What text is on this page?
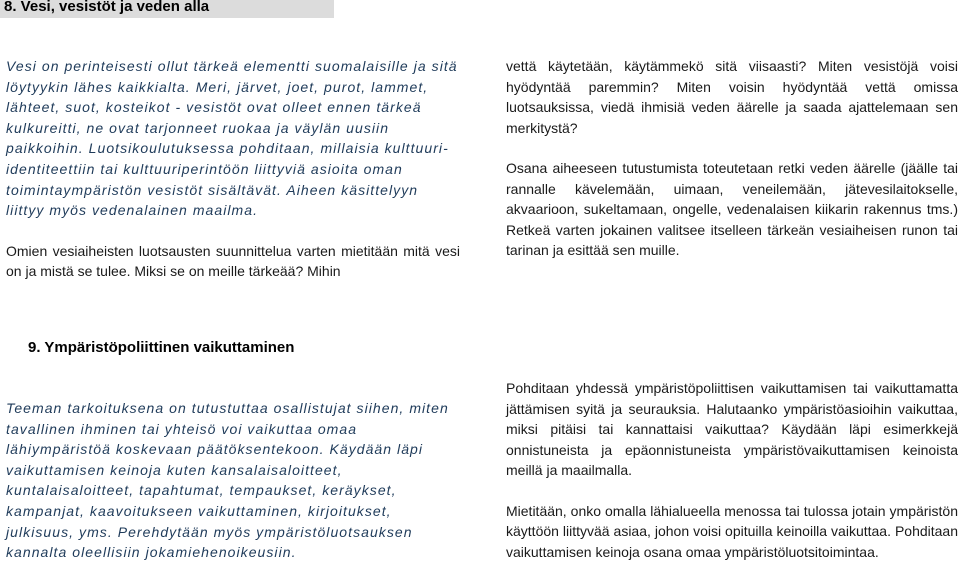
8. Vesi, vesistöt ja veden alla

Vesi on perinteisesti ollut tärkeä elementti suomalaisille ja sitä löytyykin lähes kaikkialta. Meri, järvet, joet, purot, lammet, lähteet, suot, kosteikot - vesistöt ovat olleet ennen tärkeä kulkureitti, ne ovat tarjonneet ruokaa ja väylän uusiin paikkoihin. Luotsikoulutuksessa pohditaan, millaisia kulttuuri-identiteettiin tai kulttuuriperintöön liittyviä asioita oman toimintaympäristön vesistöt sisältävät. Aiheen käsittelyyn liittyy myös vedenalainen maailma.

Omien vesiaiheisten luotsausten suunnittelua varten mietitään mitä vesi on ja mistä se tulee. Miksi se on meille tärkeää? Mihin

vettä käytetään, käytämmekö sitä viisaasti? Miten vesistöjä voisi hyödyntää paremmin? Miten voisin hyödyntää vettä omissa luotsauksissa, viedä ihmisiä veden äärelle ja saada ajattelemaan sen merkitystä?

Osana aiheeseen tutustumista toteutetaan retki veden äärelle (jäälle tai rannalle kävelemään, uimaan, veneilemään, jätevesilaitokselle, akvaarioon, sukeltamaan, ongelle, vedenalaisen kiikarin rakennus tms.) Retkeä varten jokainen valitsee itselleen tärkeän vesiaiheisen runon tai tarinan ja esittää sen muille.

9. Ympäristöpoliittinen vaikuttaminen

Teeman tarkoituksena on tutustuttaa osallistujat siihen, miten tavallinen ihminen tai yhteisö voi vaikuttaa omaa lähiympäristöä koskevaan päätöksentekoon. Käydään läpi vaikuttamisen keinoja kuten kansalaisaloitteet, kuntalaisaloitteet, tapahtumat, tempaukset, keräykset, kampanjat, kaavoitukseen vaikuttaminen, kirjoitukset, julkisuus, yms. Perehdytään myös ympäristöluotsauksen kannalta oleellisiin jokamiehenoikeusiin.

Pohditaan yhdessä ympäristöpoliittisen vaikuttamisen tai vaikuttamatta jättämisen syitä ja seurauksia. Halutaanko ympäristöasioihin vaikuttaa, miksi pitäisi tai kannattaisi vaikuttaa? Käydään läpi esimerkkejä onnistuneista ja epäonnistuneista ympäristövaikuttamisen keinoista meillä ja maailmalla.

Mietitään, onko omalla lähialueella menossa tai tulossa jotain ympäristön käyttöön liittyvää asiaa, johon voisi opituilla keinoilla vaikuttaa. Pohditaan vaikuttamisen keinoja osana omaa ympäristöluotsitoimintaa.
